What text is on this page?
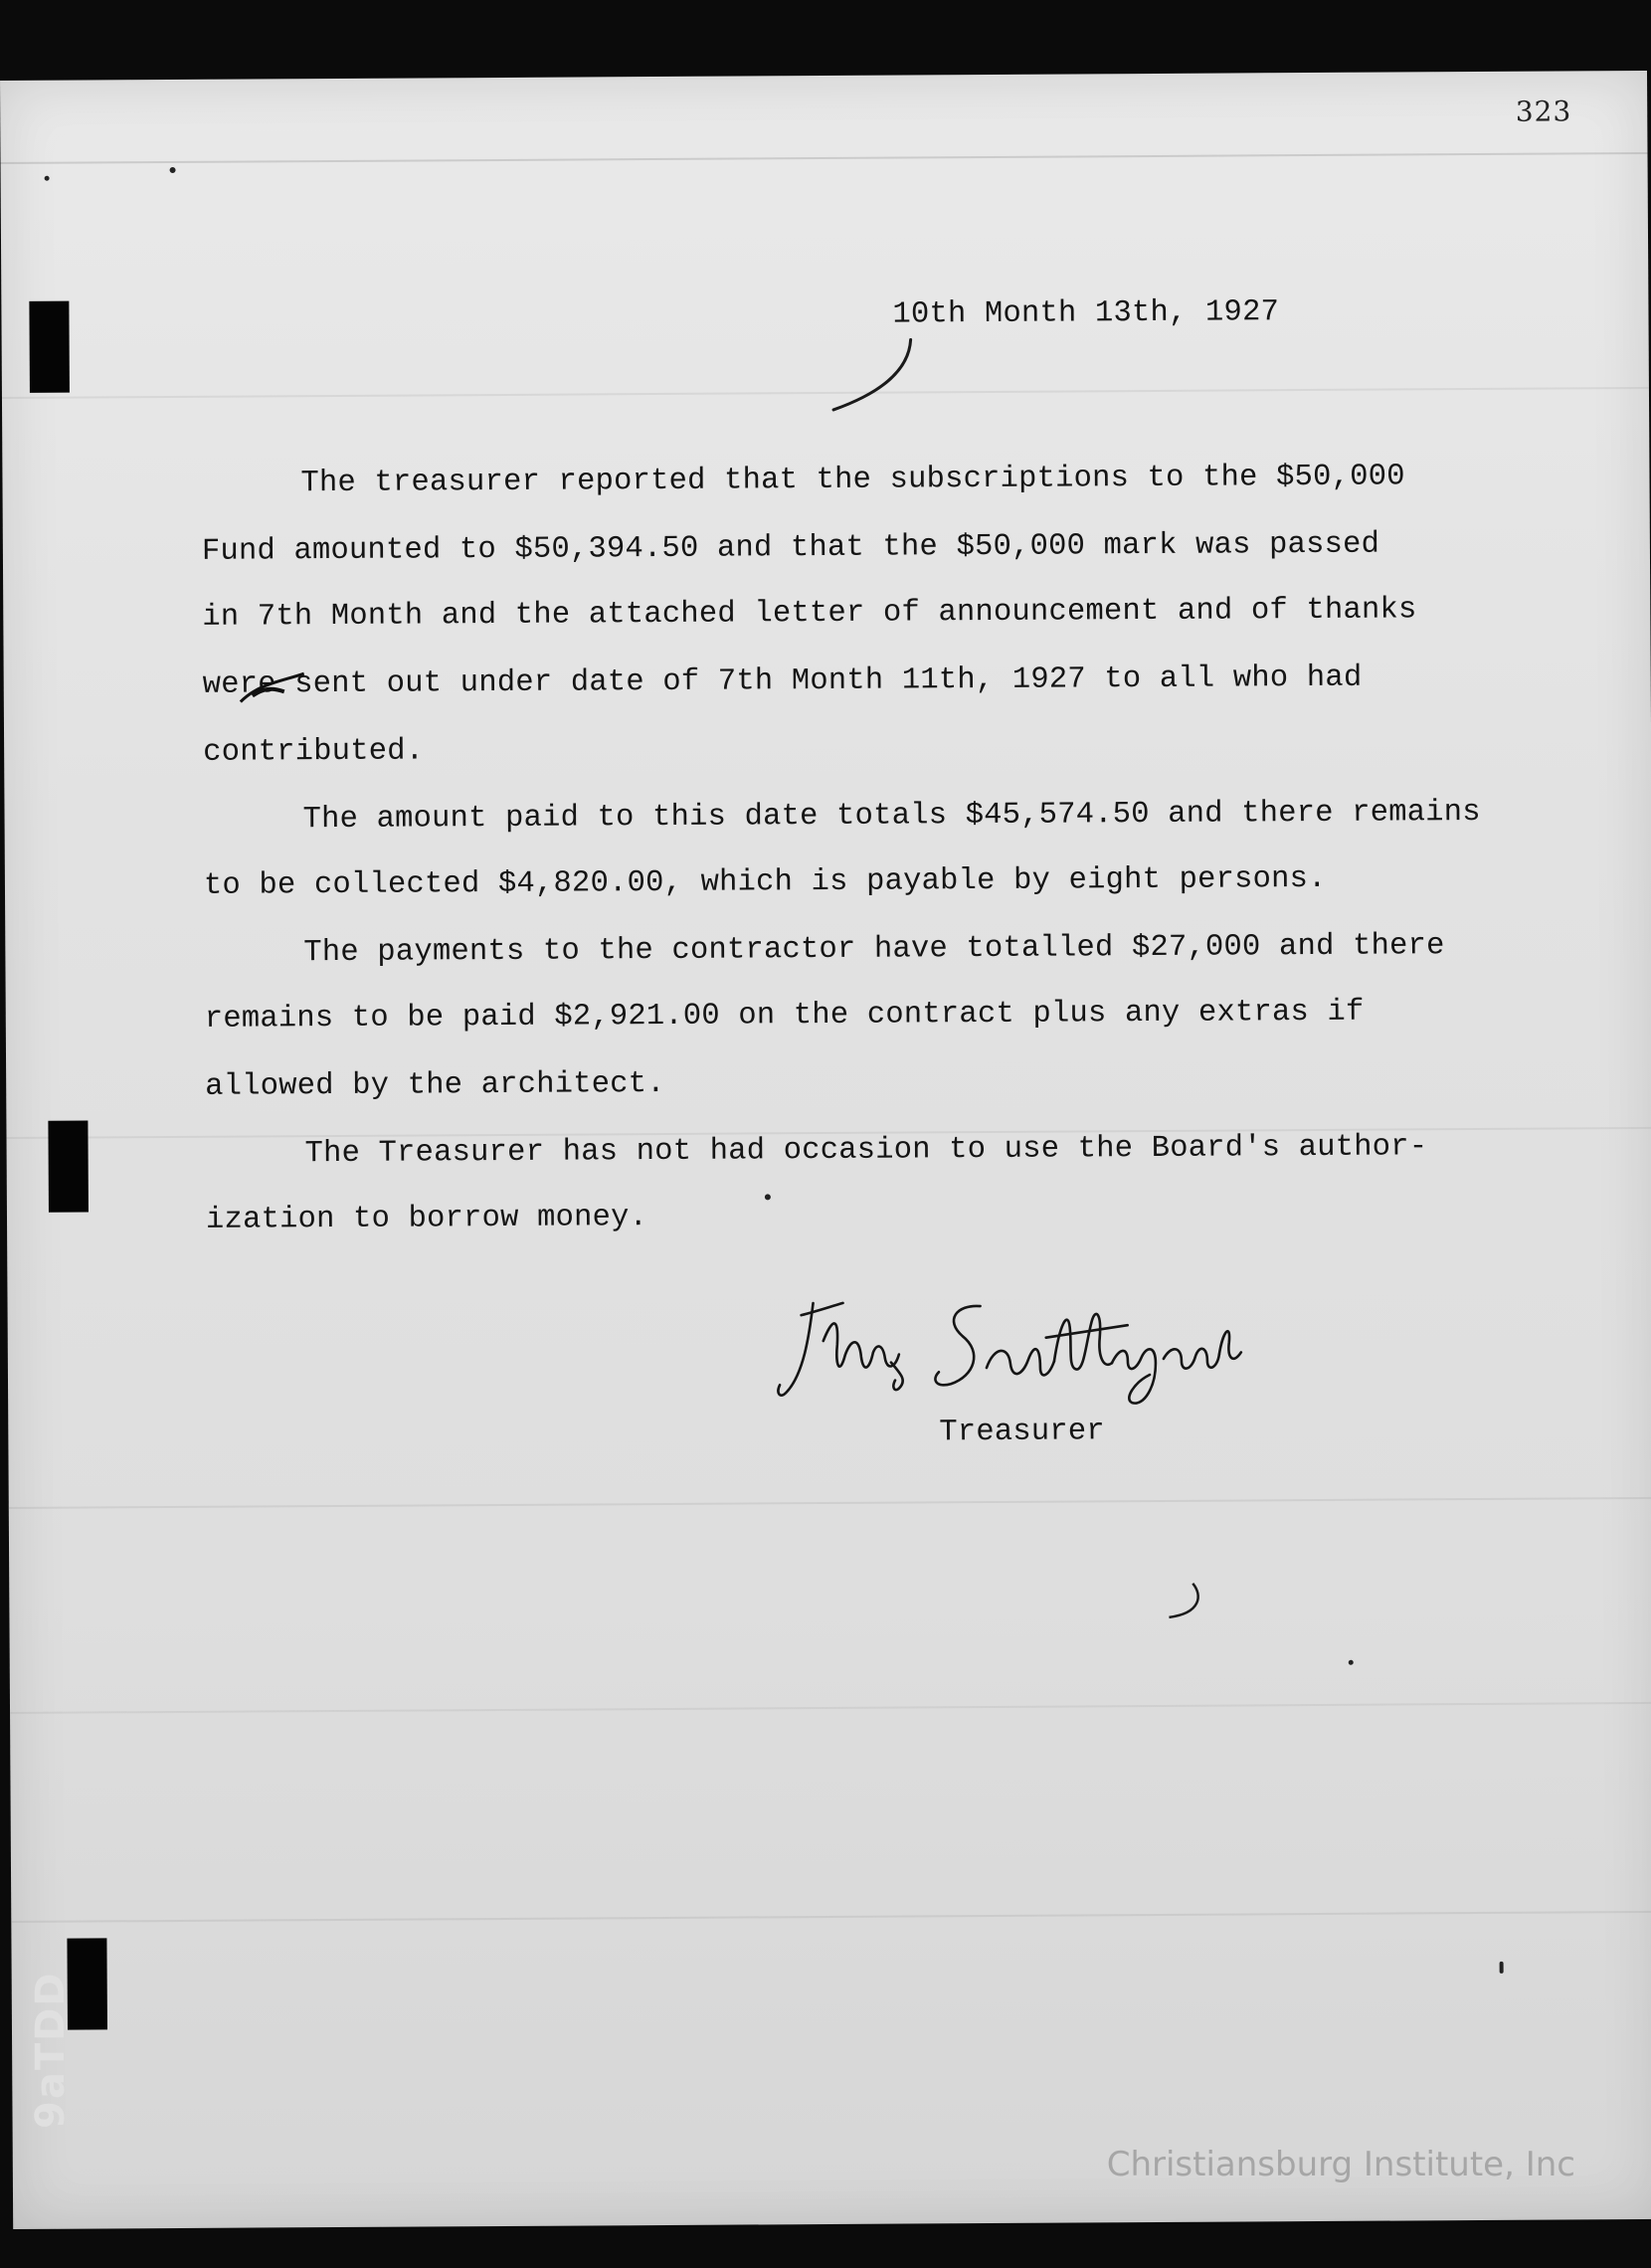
323
10th Month 13th, 1927
The treasurer reported that the subscriptions to the $50,000
Fund amounted to $50,394.50 and that the $50,000 mark was passed
in 7th Month and the attached letter of announcement and of thanks
were sent out under date of 7th Month 11th, 1927 to all who had
contributed.
The amount paid to this date totals $45,574.50 and there remains
to be collected $4,820.00, which is payable by eight persons.
The payments to the contractor have totalled $27,000 and there
remains to be paid $2,921.00 on the contract plus any extras if
allowed by the architect.
The Treasurer has not had occasion to use the Board's author-
ization to borrow money.
Treasurer
9aTDD
Christiansburg Institute, Inc
